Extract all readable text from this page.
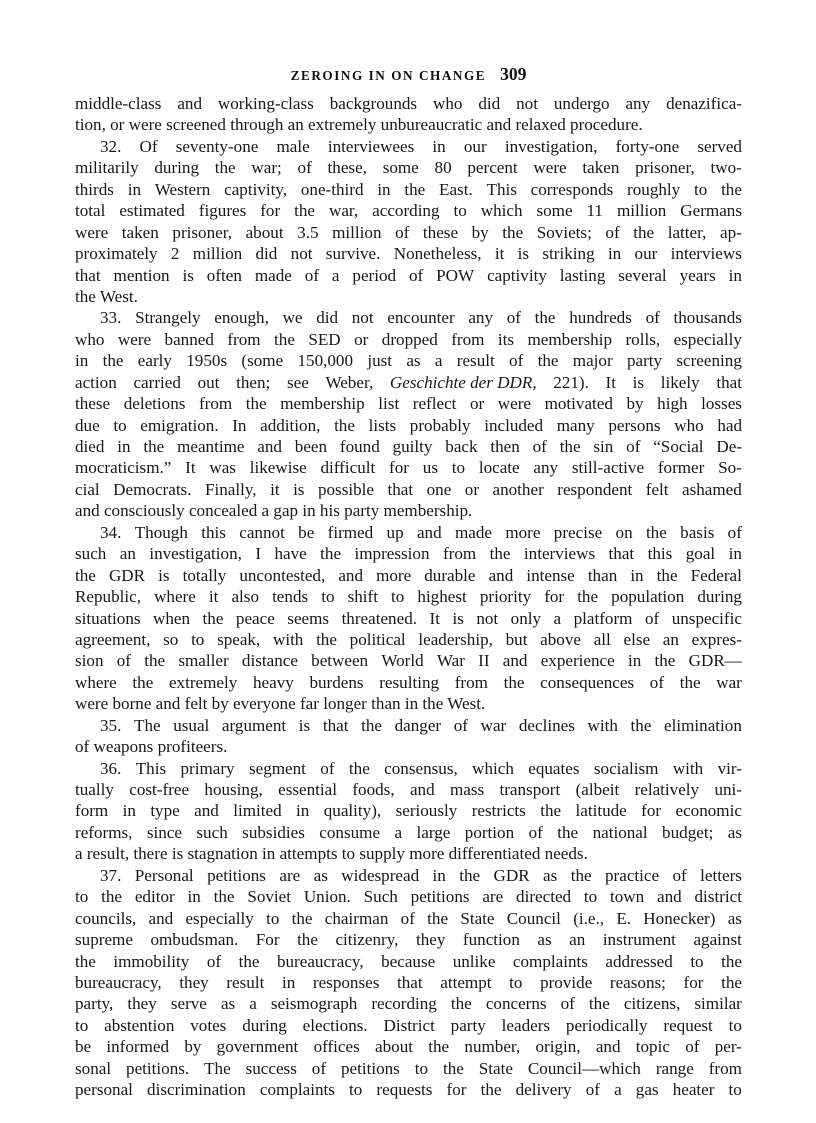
ZEROING IN ON CHANGE 309
middle-class and working-class backgrounds who did not undergo any denazifica-
tion, or were screened through an extremely unbureaucratic and relaxed procedure.
32. Of seventy-one male interviewees in our investigation, forty-one served
militarily during the war; of these, some 80 percent were taken prisoner, two-
thirds in Western captivity, one-third in the East. This corresponds roughly to the
total estimated figures for the war, according to which some 11 million Germans
were taken prisoner, about 3.5 million of these by the Soviets; of the latter, ap-
proximately 2 million did not survive. Nonetheless, it is striking in our interviews
that mention is often made of a period of POW captivity lasting several years in
the West.
33. Strangely enough, we did not encounter any of the hundreds of thousands
who were banned from the SED or dropped from its membership rolls, especially
in the early 1950s (some 150,000 just as a result of the major party screening
action carried out then; see Weber, Geschichte der DDR, 221). It is likely that
these deletions from the membership list reflect or were motivated by high losses
due to emigration. In addition, the lists probably included many persons who had
died in the meantime and been found guilty back then of the sin of “Social De-
mocraticism.” It was likewise difficult for us to locate any still-active former So-
cial Democrats. Finally, it is possible that one or another respondent felt ashamed
and consciously concealed a gap in his party membership.
34. Though this cannot be firmed up and made more precise on the basis of
such an investigation, I have the impression from the interviews that this goal in
the GDR is totally uncontested, and more durable and intense than in the Federal
Republic, where it also tends to shift to highest priority for the population during
situations when the peace seems threatened. It is not only a platform of unspecific
agreement, so to speak, with the political leadership, but above all else an expres-
sion of the smaller distance between World War II and experience in the GDR—
where the extremely heavy burdens resulting from the consequences of the war
were borne and felt by everyone far longer than in the West.
35. The usual argument is that the danger of war declines with the elimination
of weapons profiteers.
36. This primary segment of the consensus, which equates socialism with vir-
tually cost-free housing, essential foods, and mass transport (albeit relatively uni-
form in type and limited in quality), seriously restricts the latitude for economic
reforms, since such subsidies consume a large portion of the national budget; as
a result, there is stagnation in attempts to supply more differentiated needs.
37. Personal petitions are as widespread in the GDR as the practice of letters
to the editor in the Soviet Union. Such petitions are directed to town and district
councils, and especially to the chairman of the State Council (i.e., E. Honecker) as
supreme ombudsman. For the citizenry, they function as an instrument against
the immobility of the bureaucracy, because unlike complaints addressed to the
bureaucracy, they result in responses that attempt to provide reasons; for the
party, they serve as a seismograph recording the concerns of the citizens, similar
to abstention votes during elections. District party leaders periodically request to
be informed by government offices about the number, origin, and topic of per-
sonal petitions. The success of petitions to the State Council—which range from
personal discrimination complaints to requests for the delivery of a gas heater to
